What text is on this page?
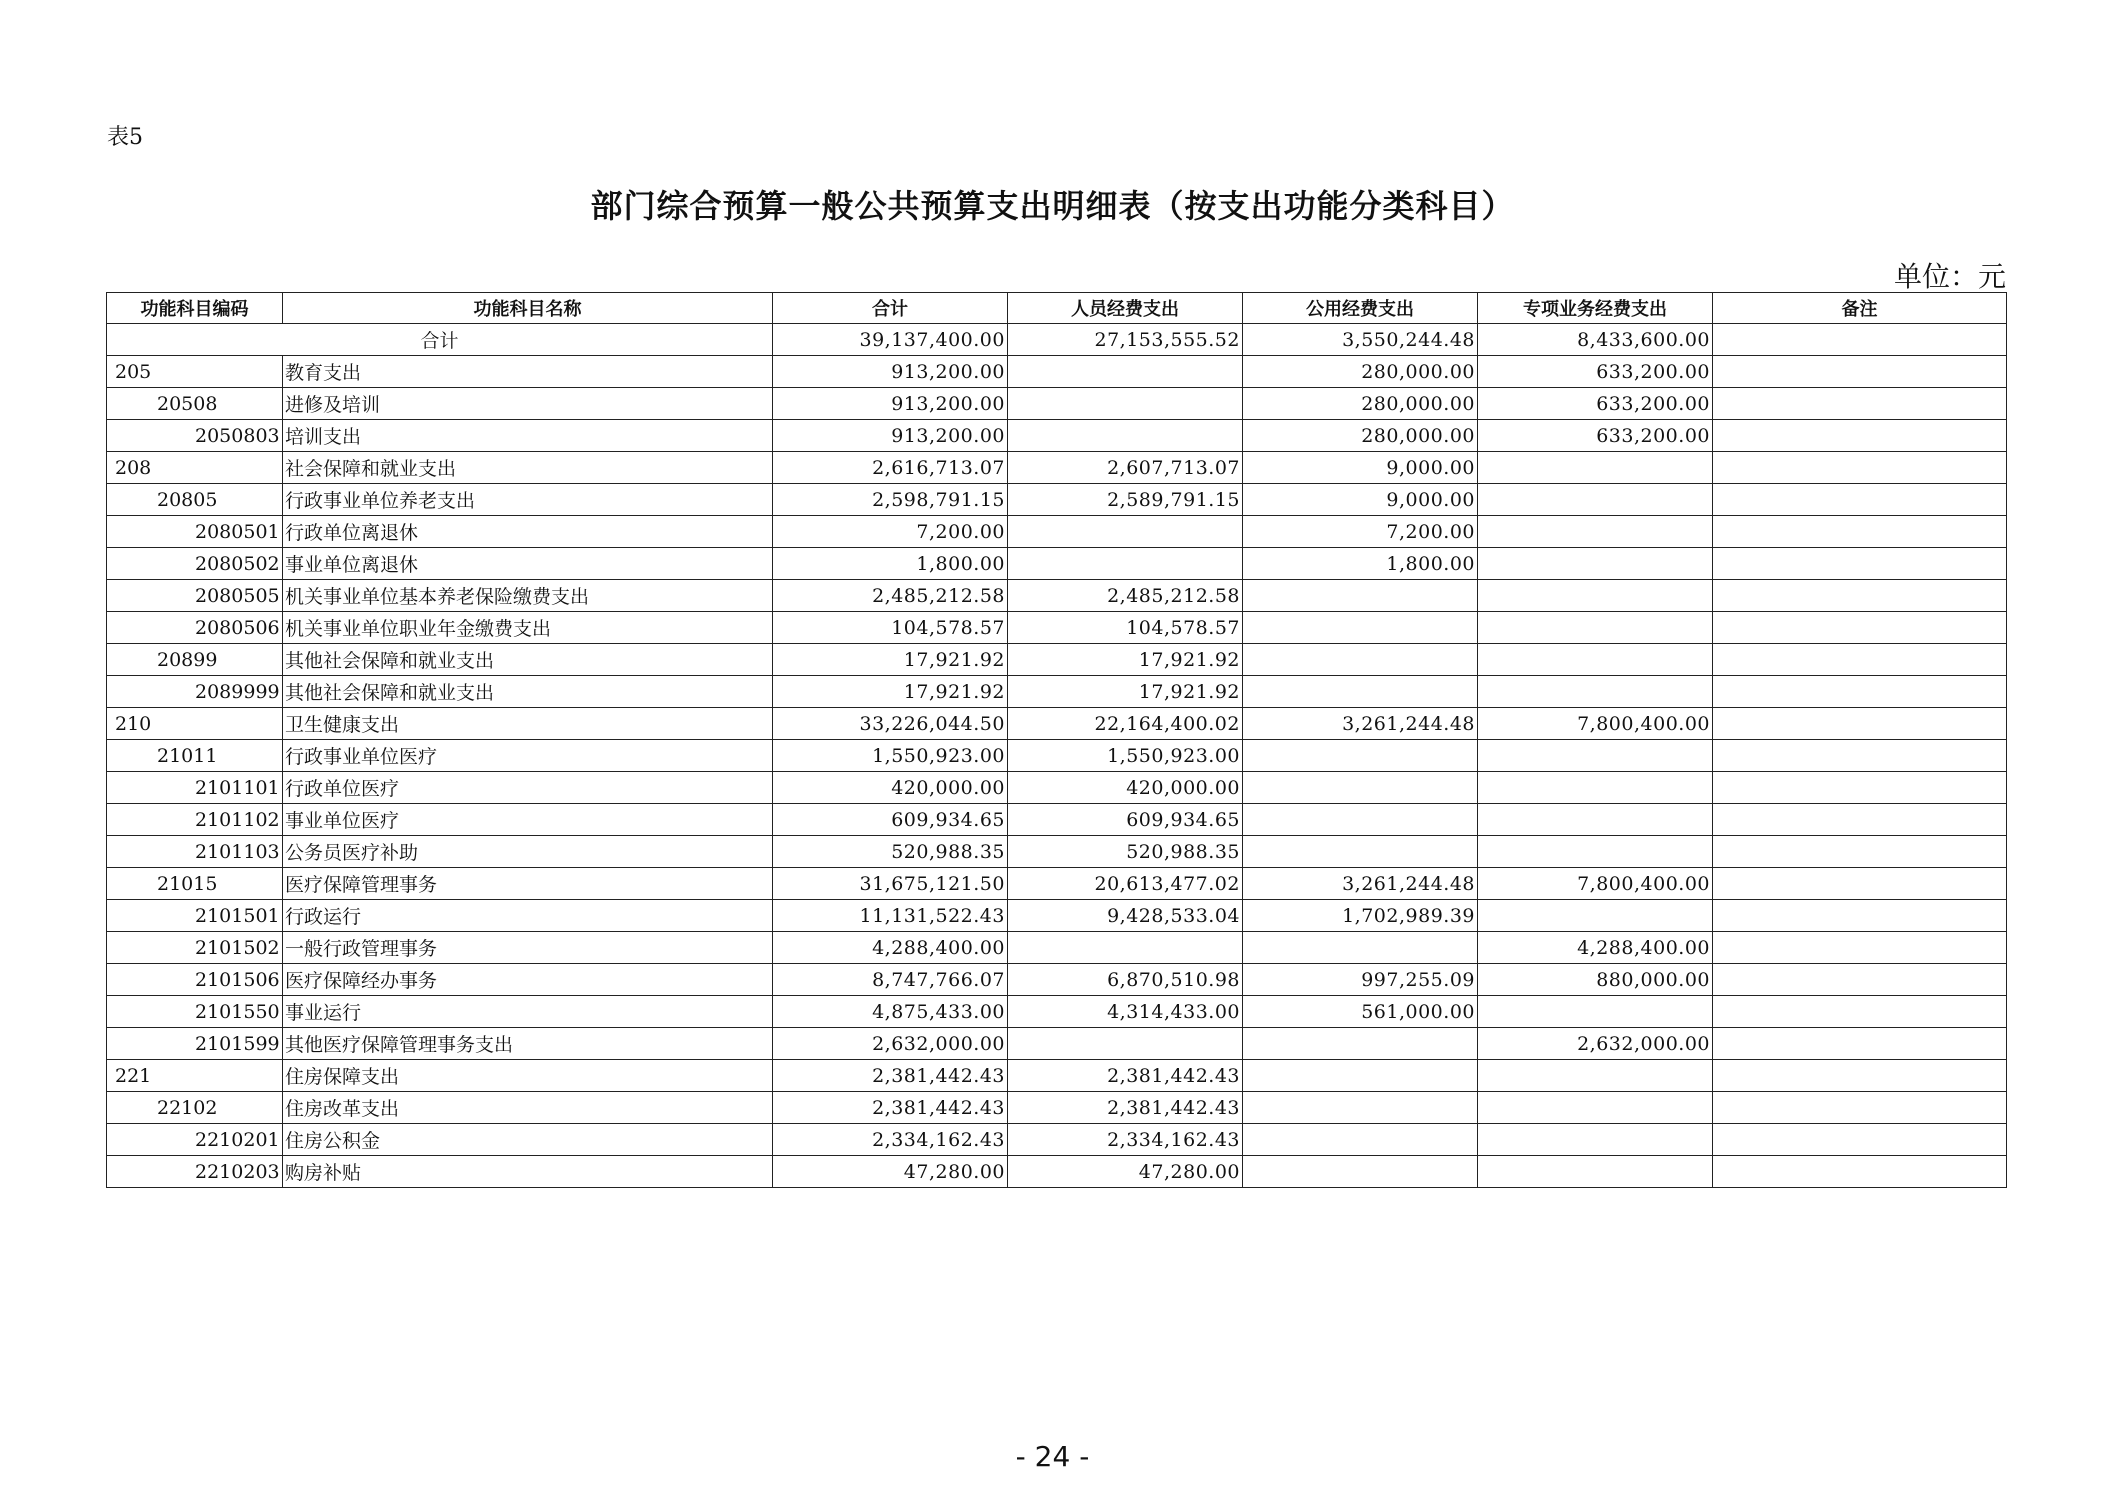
表5
部门综合预算一般公共预算支出明细表（按支出功能分类科目）
单位：元
功能科目编码	功能科目名称	合计	人员经费支出	公用经费支出	专项业务经费支出	备注
合计		39,137,400.00	27,153,555.52	3,550,244.48	8,433,600.00	
205	教育支出	913,200.00		280,000.00	633,200.00	
20508	进修及培训	913,200.00		280,000.00	633,200.00	
2050803	培训支出	913,200.00		280,000.00	633,200.00	
208	社会保障和就业支出	2,616,713.07	2,607,713.07	9,000.00		
20805	行政事业单位养老支出	2,598,791.15	2,589,791.15	9,000.00		
2080501	行政单位离退休	7,200.00		7,200.00		
2080502	事业单位离退休	1,800.00		1,800.00		
2080505	机关事业单位基本养老保险缴费支出	2,485,212.58	2,485,212.58			
2080506	机关事业单位职业年金缴费支出	104,578.57	104,578.57			
20899	其他社会保障和就业支出	17,921.92	17,921.92			
2089999	其他社会保障和就业支出	17,921.92	17,921.92			
210	卫生健康支出	33,226,044.50	22,164,400.02	3,261,244.48	7,800,400.00	
21011	行政事业单位医疗	1,550,923.00	1,550,923.00			
2101101	行政单位医疗	420,000.00	420,000.00			
2101102	事业单位医疗	609,934.65	609,934.65			
2101103	公务员医疗补助	520,988.35	520,988.35			
21015	医疗保障管理事务	31,675,121.50	20,613,477.02	3,261,244.48	7,800,400.00	
2101501	行政运行	11,131,522.43	9,428,533.04	1,702,989.39		
2101502	一般行政管理事务	4,288,400.00			4,288,400.00	
2101506	医疗保障经办事务	8,747,766.07	6,870,510.98	997,255.09	880,000.00	
2101550	事业运行	4,875,433.00	4,314,433.00	561,000.00		
2101599	其他医疗保障管理事务支出	2,632,000.00			2,632,000.00	
221	住房保障支出	2,381,442.43	2,381,442.43			
22102	住房改革支出	2,381,442.43	2,381,442.43			
2210201	住房公积金	2,334,162.43	2,334,162.43			
2210203	购房补贴	47,280.00	47,280.00			
- 24 -
